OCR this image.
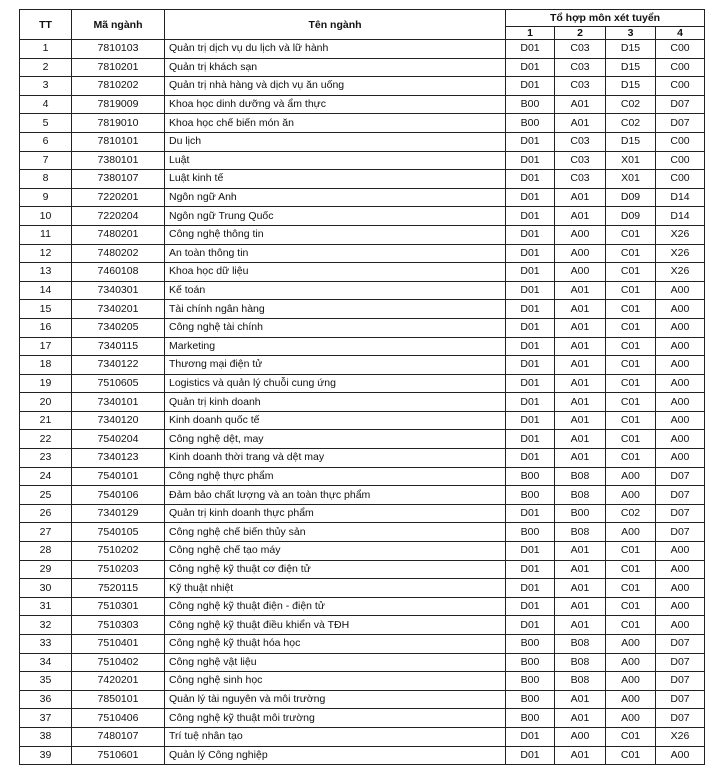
TT	Mã ngành	Tên ngành	Tổ hợp môn xét tuyển			
			1	2	3	4
1	7810103	Quản trị dịch vụ du lịch và lữ hành	D01	C03	D15	C00
2	7810201	Quản trị khách sạn	D01	C03	D15	C00
3	7810202	Quản trị nhà hàng và dịch vụ ăn uống	D01	C03	D15	C00
4	7819009	Khoa học dinh dưỡng và ẩm thực	B00	A01	C02	D07
5	7819010	Khoa học chế biến món ăn	B00	A01	C02	D07
6	7810101	Du lịch	D01	C03	D15	C00
7	7380101	Luật	D01	C03	X01	C00
8	7380107	Luật kinh tế	D01	C03	X01	C00
9	7220201	Ngôn ngữ Anh	D01	A01	D09	D14
10	7220204	Ngôn ngữ Trung Quốc	D01	A01	D09	D14
11	7480201	Công nghệ thông tin	D01	A00	C01	X26
12	7480202	An toàn thông tin	D01	A00	C01	X26
13	7460108	Khoa học dữ liệu	D01	A00	C01	X26
14	7340301	Kế toán	D01	A01	C01	A00
15	7340201	Tài chính ngân hàng	D01	A01	C01	A00
16	7340205	Công nghệ tài chính	D01	A01	C01	A00
17	7340115	Marketing	D01	A01	C01	A00
18	7340122	Thương mại điện tử	D01	A01	C01	A00
19	7510605	Logistics và quản lý chuỗi cung ứng	D01	A01	C01	A00
20	7340101	Quản trị kinh doanh	D01	A01	C01	A00
21	7340120	Kinh doanh quốc tế	D01	A01	C01	A00
22	7540204	Công nghệ dệt, may	D01	A01	C01	A00
23	7340123	Kinh doanh thời trang và dệt may	D01	A01	C01	A00
24	7540101	Công nghệ thực phẩm	B00	B08	A00	D07
25	7540106	Đảm bảo chất lượng và an toàn thực phẩm	B00	B08	A00	D07
26	7340129	Quản trị kinh doanh thực phẩm	D01	B00	C02	D07
27	7540105	Công nghệ chế biến thủy sản	B00	B08	A00	D07
28	7510202	Công nghệ chế tạo máy	D01	A01	C01	A00
29	7510203	Công nghệ kỹ thuật cơ điện tử	D01	A01	C01	A00
30	7520115	Kỹ thuật nhiệt	D01	A01	C01	A00
31	7510301	Công nghệ kỹ thuật điện - điện tử	D01	A01	C01	A00
32	7510303	Công nghệ kỹ thuật điều khiển và TĐH	D01	A01	C01	A00
33	7510401	Công nghệ kỹ thuật hóa học	B00	B08	A00	D07
34	7510402	Công nghệ vật liệu	B00	B08	A00	D07
35	7420201	Công nghệ sinh học	B00	B08	A00	D07
36	7850101	Quản lý tài nguyên và môi trường	B00	A01	A00	D07
37	7510406	Công nghệ kỹ thuật môi trường	B00	A01	A00	D07
38	7480107	Trí tuệ nhân tạo	D01	A00	C01	X26
39	7510601	Quản lý Công nghiệp	D01	A01	C01	A00
